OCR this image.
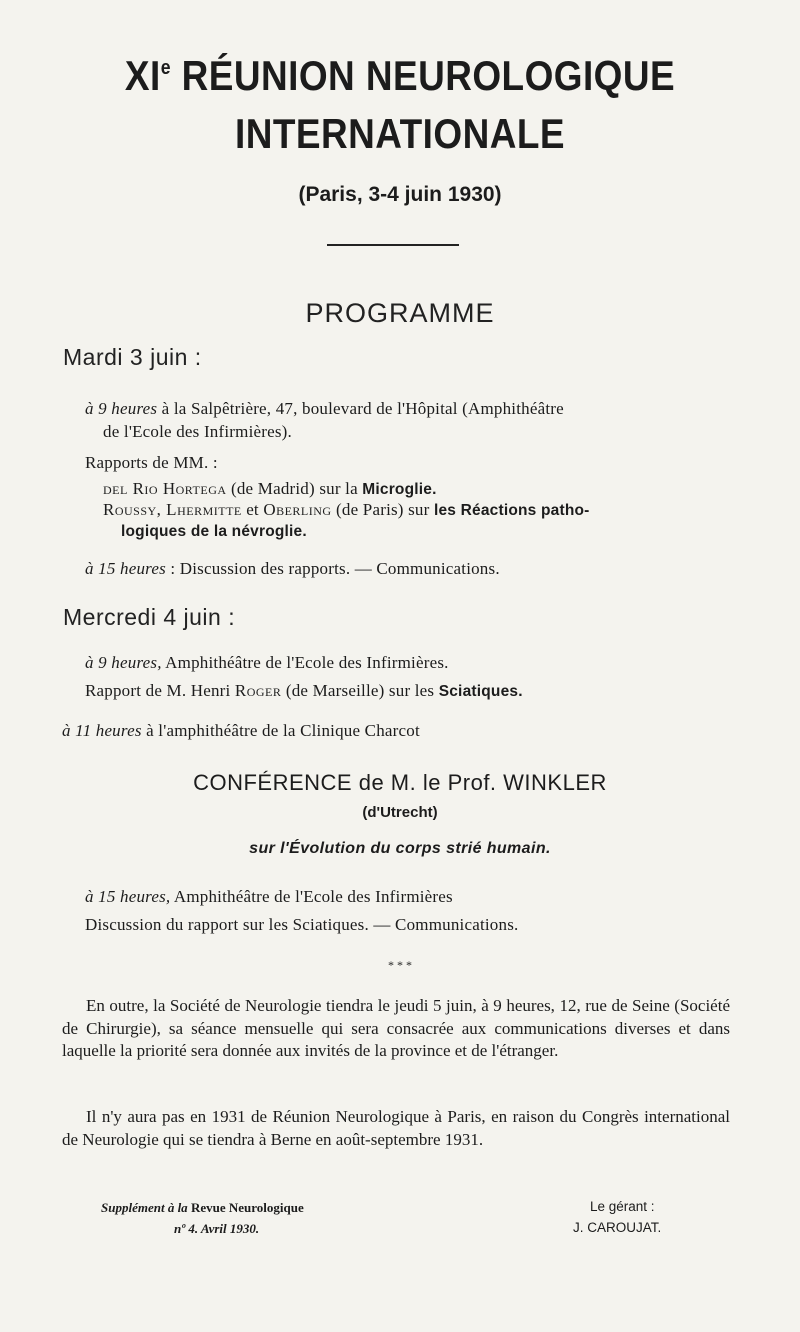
XIe RÉUNION NEUROLOGIQUE
INTERNATIONALE
(Paris, 3-4 juin 1930)
PROGRAMME
Mardi 3 juin :
à 9 heures à la Salpêtrière, 47, boulevard de l'Hôpital (Amphithéâtre
de l'Ecole des Infirmières).
Rapports de MM. :
del Rio Hortega (de Madrid) sur la Microglie.
Roussy, Lhermitte et Oberling (de Paris) sur les Réactions patho-
logiques de la névroglie.
à 15 heures : Discussion des rapports. — Communications.
Mercredi 4 juin :
à 9 heures, Amphithéâtre de l'Ecole des Infirmières.
Rapport de M. Henri Roger (de Marseille) sur les Sciatiques.
à 11 heures à l'amphithéâtre de la Clinique Charcot
CONFÉRENCE de M. le Prof. WINKLER
(d'Utrecht)
sur l'Évolution du corps strié humain.
à 15 heures, Amphithéâtre de l'Ecole des Infirmières
Discussion du rapport sur les Sciatiques. — Communications.
* * *
En outre, la Société de Neurologie tiendra le jeudi 5 juin, à 9 heures, 12, rue de Seine (Société de Chirurgie), sa séance mensuelle qui sera consacrée aux communications diverses et dans laquelle la priorité sera donnée aux invités de la province et de l'étranger.
Il n'y aura pas en 1931 de Réunion Neurologique à Paris, en raison du Congrès international de Neurologie qui se tiendra à Berne en août-septembre 1931.
Supplément à la Revue Neurologique
nº 4. Avril 1930.
Le gérant :
J. CAROUJAT.
